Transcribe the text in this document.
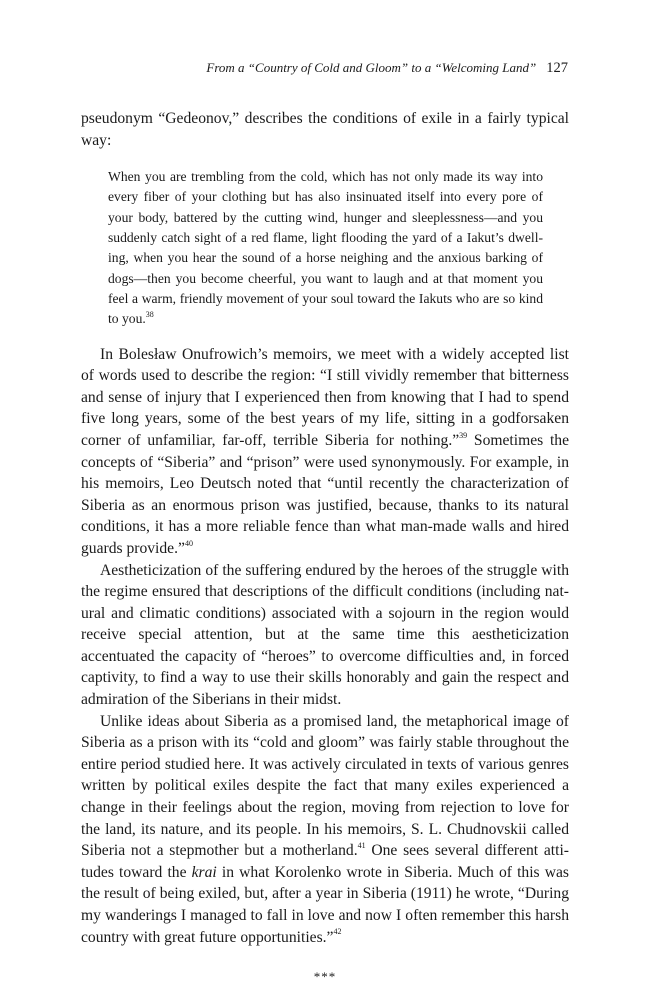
From a “Country of Cold and Gloom” to a “Welcoming Land” 127

pseudonym “Gedeonov,” describes the conditions of exile in a fairly typical way:

When you are trembling from the cold, which has not only made its way into every fiber of your clothing but has also insinuated itself into every pore of your body, battered by the cutting wind, hunger and sleeplessness—and you suddenly catch sight of a red flame, light flooding the yard of a Iakut’s dwelling, when you hear the sound of a horse neighing and the anxious barking of dogs—then you become cheerful, you want to laugh and at that moment you feel a warm, friendly movement of your soul toward the Iakuts who are so kind to you.$^{38}$

In Bolesław Onufrowich’s memoirs, we meet with a widely accepted list of words used to describe the region: “I still vividly remember that bitterness and sense of injury that I experienced then from knowing that I had to spend five long years, some of the best years of my life, sitting in a godforsaken corner of unfamiliar, far-off, terrible Siberia for nothing.”$^{39}$ Sometimes the concepts of “Siberia” and “prison” were used synonymously. For example, in his memoirs, Leo Deutsch noted that “until recently the characterization of Siberia as an enormous prison was justified, because, thanks to its natural conditions, it has a more reliable fence than what man-made walls and hired guards provide.”$^{40}$

Aestheticization of the suffering endured by the heroes of the struggle with the regime ensured that descriptions of the difficult conditions (including natural and climatic conditions) associated with a sojourn in the region would receive special attention, but at the same time this aestheticization accentuated the capacity of “heroes” to overcome difficulties and, in forced captivity, to find a way to use their skills honorably and gain the respect and admiration of the Siberians in their midst.

Unlike ideas about Siberia as a promised land, the metaphorical image of Siberia as a prison with its “cold and gloom” was fairly stable throughout the entire period studied here. It was actively circulated in texts of various genres written by political exiles despite the fact that many exiles experienced a change in their feelings about the region, moving from rejection to love for the land, its nature, and its people. In his memoirs, S. L. Chudnovskii called Siberia not a stepmother but a motherland.$^{41}$ One sees several different attitudes toward the krai in what Korolenko wrote in Siberia. Much of this was the result of being exiled, but, after a year in Siberia (1911) he wrote, “During my wanderings I managed to fall in love and now I often remember this harsh country with great future opportunities.”$^{42}$

***
